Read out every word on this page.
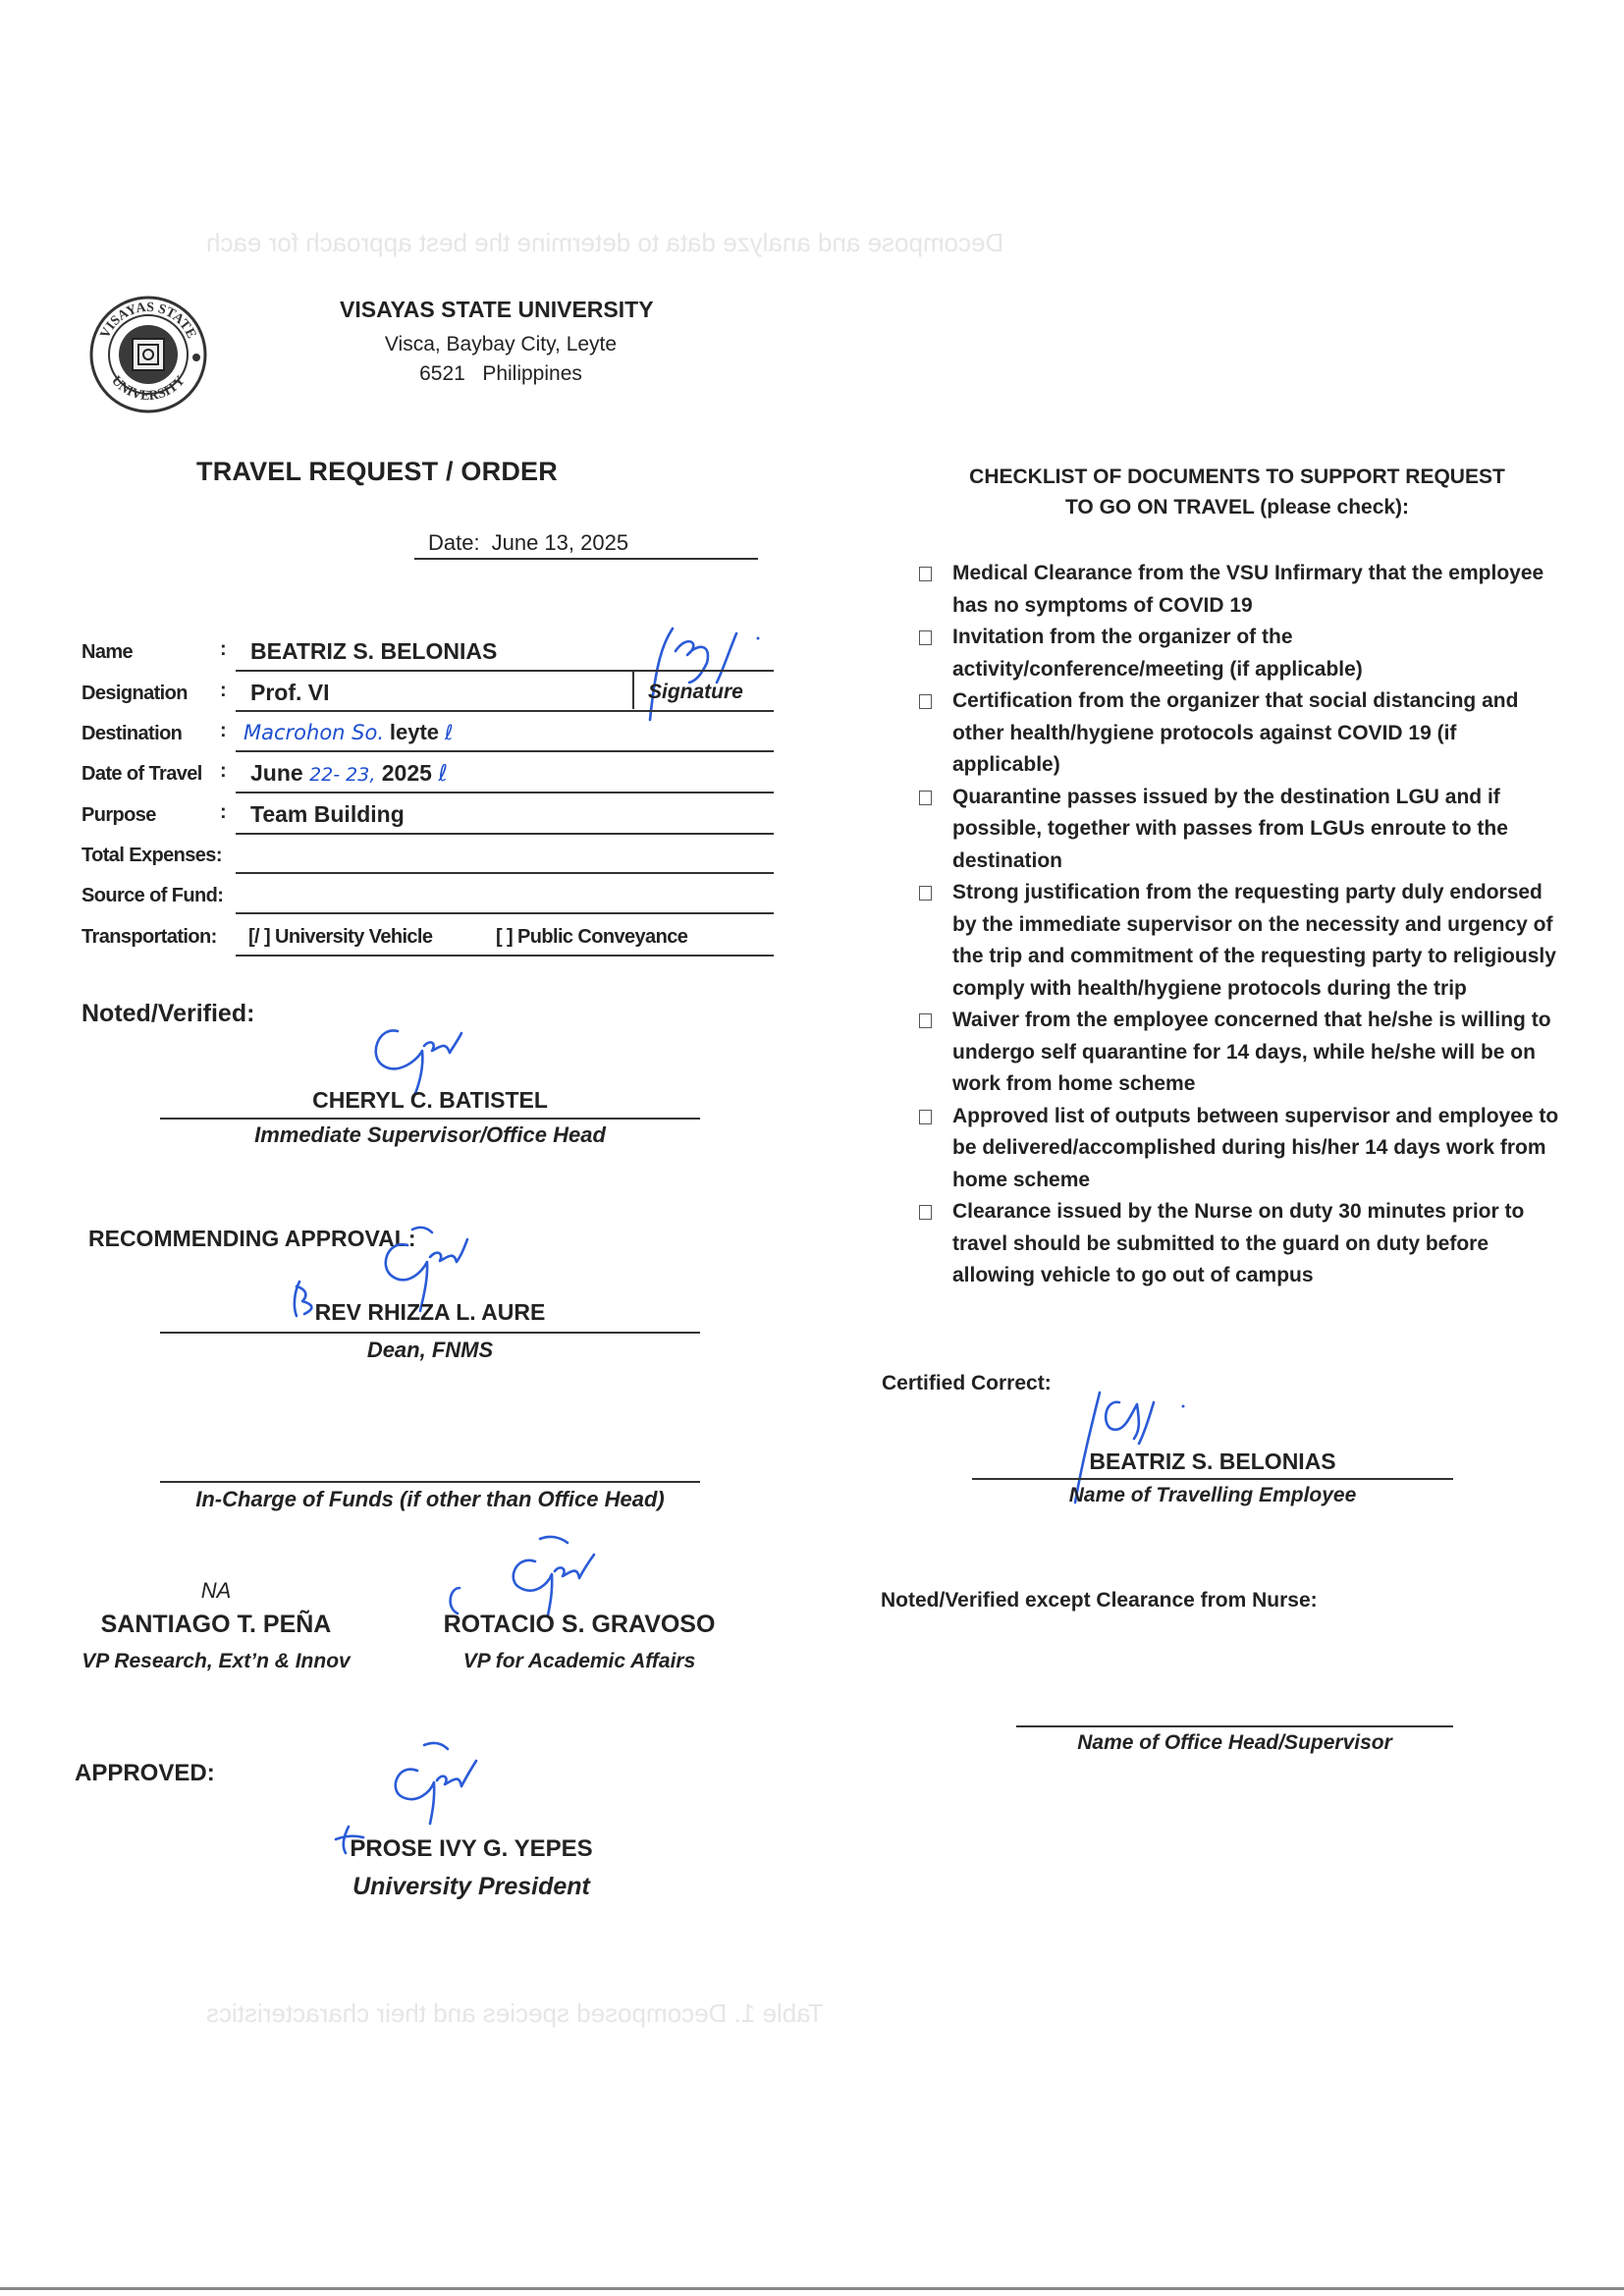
Decompose and analyze data to determine the best approach for each
Table 1. Decomposed species and their characteristics
VISAYAS STATE
UNIVERSITY
VISAYAS STATE UNIVERSITY
Visca, Baybay City, Leyte
6521   Philippines
TRAVEL REQUEST / ORDER
Date: June 13, 2025
Name	: BEATRIZ S. BELONIAS
Designation : Prof. VI	Signature
Destination : Macrohon So. leyte ℓ
Date of Travel : June 22- 23, 2025 ℓ
Purpose	: Team Building
Total Expenses:
Source of Fund:
Transportation: [/ ] University Vehicle	[ ] Public Conveyance
Noted/Verified:
CHERYL C. BATISTEL
Immediate Supervisor/Office Head
RECOMMENDING APPROVAL:
REV RHIZZA L. AURE
Dean, FNMS
In-Charge of Funds (if other than Office Head)
NA
SANTIAGO T. PEÑA
VP Research, Ext’n & Innov
ROTACIO S. GRAVOSO
VP for Academic Affairs
APPROVED:
PROSE IVY G. YEPES
University President
CHECKLIST OF DOCUMENTS TO SUPPORT REQUEST
TO GO ON TRAVEL (please check):
Medical Clearance from the VSU Infirmary that the employee has no symptoms of COVID 19
Invitation from the organizer of the activity/conference/meeting (if applicable)
Certification from the organizer that social distancing and other health/hygiene protocols against COVID 19 (if applicable)
Quarantine passes issued by the destination LGU and if possible, together with passes from LGUs enroute to the destination
Strong justification from the requesting party duly endorsed by the immediate supervisor on the necessity and urgency of the trip and commitment of the requesting party to religiously comply with health/hygiene protocols during the trip
Waiver from the employee concerned that he/she is willing to undergo self quarantine for 14 days, while he/she will be on work from home scheme
Approved list of outputs between supervisor and employee to be delivered/accomplished during his/her 14 days work from home scheme
Clearance issued by the Nurse on duty 30 minutes prior to travel should be submitted to the guard on duty before allowing vehicle to go out of campus
Certified Correct:
BEATRIZ S. BELONIAS
Name of Travelling Employee
Noted/Verified except Clearance from Nurse:
Name of Office Head/Supervisor
